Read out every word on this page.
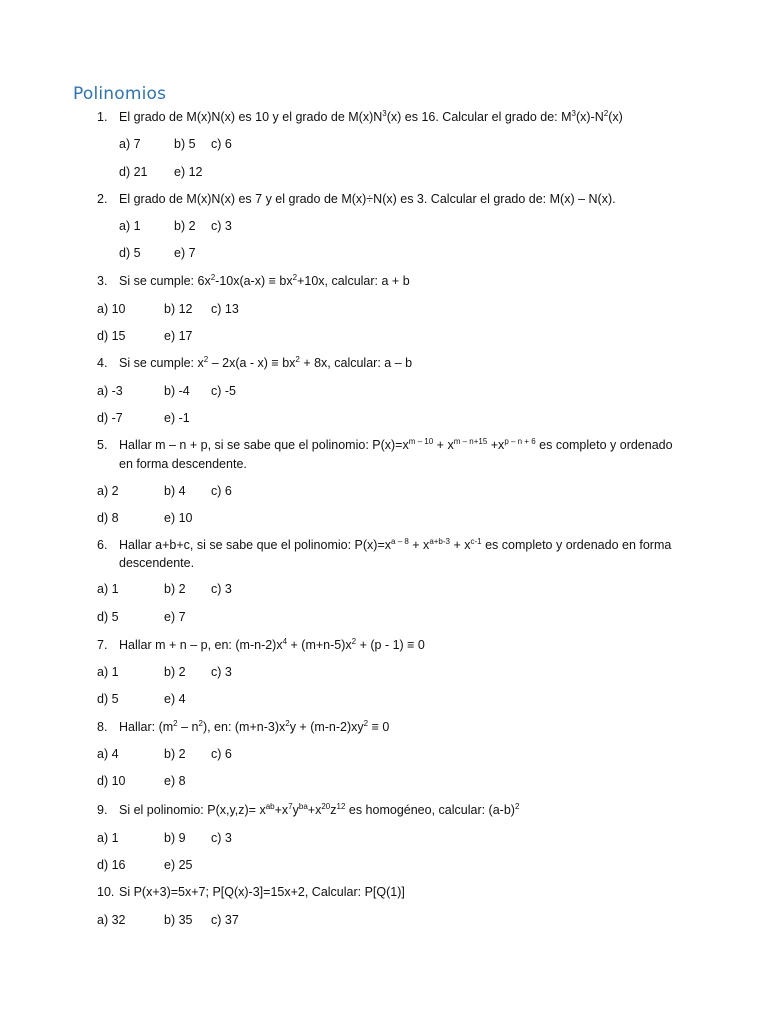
Polinomios
1. El grado de M(x)N(x) es 10 y el grado de $M(x)N^3(x)$ es 16. Calcular el grado de: $M^3(x)-N^2(x)$
a) 7	b) 5 c) 6
d) 21 e) 12
2. El grado de M(x)N(x) es 7 y el grado de M(x)÷N(x) es 3. Calcular el grado de: M(x) – N(x).
a) 1	b) 2 c) 3
d) 5	e) 7
3. Si se cumple: $6x^2-10x(a-x) \equiv bx^2+10x$, calcular: a + b
a) 10	b) 12 c) 13
d) 15	e) 17
4. Si se cumple: $x^2 - 2x(a - x) \equiv bx^2 + 8x$, calcular: a – b
a) -3	b) -4 c) -5
d) -7	e) -1
5. Hallar m – n + p, si se sabe que el polinomio: $P(x)=x^{m - 10} + x^{m - n+15} +x^{p - n + 6}$ es completo y ordenado
en forma descendente.
a) 2	b) 4 c) 6
d) 8	e) 10
6. Hallar a+b+c, si se sabe que el polinomio: $P(x)=x^{a - 8} + x^{a+b-3} + x^{c-1}$ es completo y ordenado en forma
descendente.
a) 1	b) 2 c) 3
d) 5	e) 7
7. Hallar m + n – p, en: $(m-n-2)x^4 + (m+n-5)x^2 + (p - 1) \equiv 0$
a) 1	b) 2 c) 3
d) 5	e) 4
8. Hallar: $(m^2 - n^2)$, en: $(m+n-3)x^2y + (m-n-2)xy^2 \equiv 0$
a) 4	b) 2 c) 6
d) 10	e) 8
9. Si el polinomio: $P(x,y,z)= x^{ab}+x^7y^{ba}+x^{20}z^{12}$ es homogéneo, calcular: $(a-b)^2$
a) 1	b) 9 c) 3
d) 16	e) 25
10. Si P(x+3)=5x+7; P[Q(x)-3]=15x+2, Calcular: P[Q(1)]
a) 32	b) 35 c) 37
